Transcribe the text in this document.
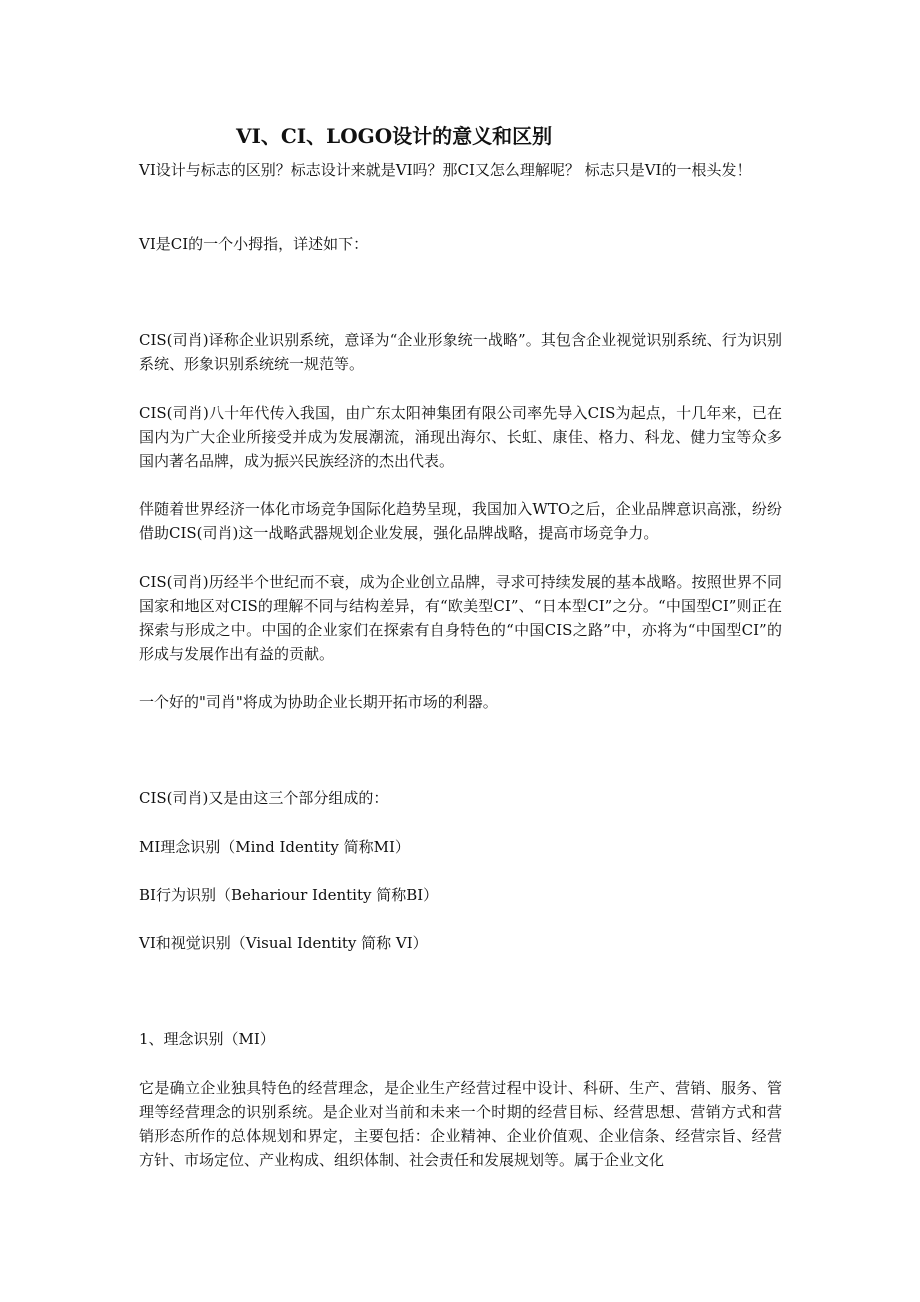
VI、CI、LOGO设计的意义和区别

VI设计与标志的区别？标志设计来就是VI吗？那CI又怎么理解呢？ 标志只是VI的一根头发！

VI是CI的一个小拇指，详述如下：

CIS(司肖)译称企业识别系统，意译为“企业形象统一战略”。其包含企业视觉识别系统、行为识别系统、形象识别系统统一规范等。

CIS(司肖)八十年代传入我国，由广东太阳神集团有限公司率先导入CIS为起点，十几年来，已在国内为广大企业所接受并成为发展潮流，涌现出海尔、长虹、康佳、格力、科龙、健力宝等众多国内著名品牌，成为振兴民族经济的杰出代表。

伴随着世界经济一体化市场竞争国际化趋势呈现，我国加入WTO之后，企业品牌意识高涨，纷纷借助CIS(司肖)这一战略武器规划企业发展，强化品牌战略，提高市场竞争力。

CIS(司肖)历经半个世纪而不衰，成为企业创立品牌，寻求可持续发展的基本战略。按照世界不同国家和地区对CIS的理解不同与结构差异，有“欧美型CI”、“日本型CI”之分。“中国型CI”则正在探索与形成之中。中国的企业家们在探索有自身特色的“中国CIS之路”中，亦将为“中国型CI”的形成与发展作出有益的贡献。

一个好的"司肖"将成为协助企业长期开拓市场的利器。

CIS(司肖)又是由这三个部分组成的：

MI理念识别（Mind Identity 简称MI）

BI行为识别（Behariour Identity 简称BI）

VI和视觉识别（Visual Identity 简称 VI）

1、理念识别（MI）

它是确立企业独具特色的经营理念，是企业生产经营过程中设计、科研、生产、营销、服务、管理等经营理念的识别系统。是企业对当前和未来一个时期的经营目标、经营思想、营销方式和营销形态所作的总体规划和界定，主要包括：企业精神、企业价值观、企业信条、经营宗旨、经营方针、市场定位、产业构成、组织体制、社会责任和发展规划等。属于企业文化
